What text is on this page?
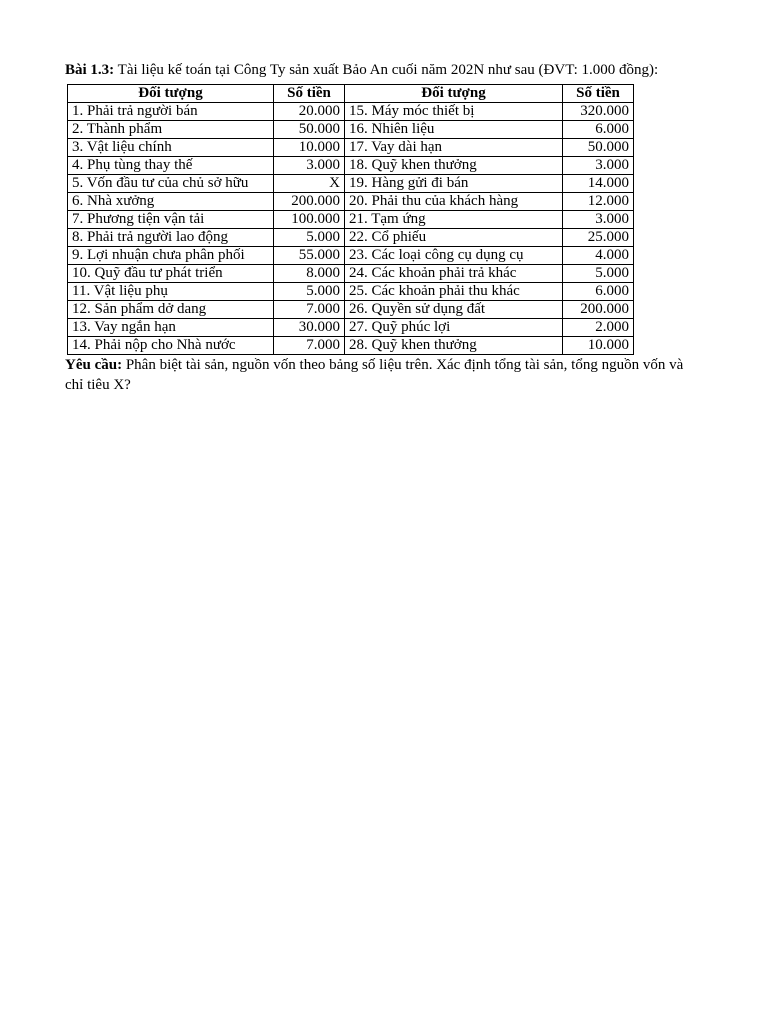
Bài 1.3: Tài liệu kế toán tại Công Ty sản xuất Bảo An cuối năm 202N như sau (ĐVT: 1.000 đồng):

Đối tượng	Số tiền	Đối tượng	Số tiền
1. Phải trả người bán	20.000	15. Máy móc thiết bị	320.000
2. Thành phẩm	50.000	16. Nhiên liệu	6.000
3. Vật liệu chính	10.000	17. Vay dài hạn	50.000
4. Phụ tùng thay thế	3.000	18. Quỹ khen thưởng	3.000
5. Vốn đầu tư của chủ sở hữu	X	19. Hàng gửi đi bán	14.000
6. Nhà xưởng	200.000	20. Phải thu của khách hàng	12.000
7. Phương tiện vận tải	100.000	21. Tạm ứng	3.000
8. Phải trả người lao động	5.000	22. Cổ phiếu	25.000
9. Lợi nhuận chưa phân phối	55.000	23. Các loại công cụ dụng cụ	4.000
10. Quỹ đầu tư phát triển	8.000	24. Các khoản phải trả khác	5.000
11. Vật liệu phụ	5.000	25. Các khoản phải thu khác	6.000
12. Sản phẩm dở dang	7.000	26. Quyền sử dụng đất	200.000
13. Vay ngắn hạn	30.000	27. Quỹ phúc lợi	2.000
14. Phải nộp cho Nhà nước	7.000	28. Quỹ khen thưởng	10.000

Yêu cầu: Phân biệt tài sản, nguồn vốn theo bảng số liệu trên. Xác định tổng tài sản, tổng nguồn vốn và chỉ tiêu X?
